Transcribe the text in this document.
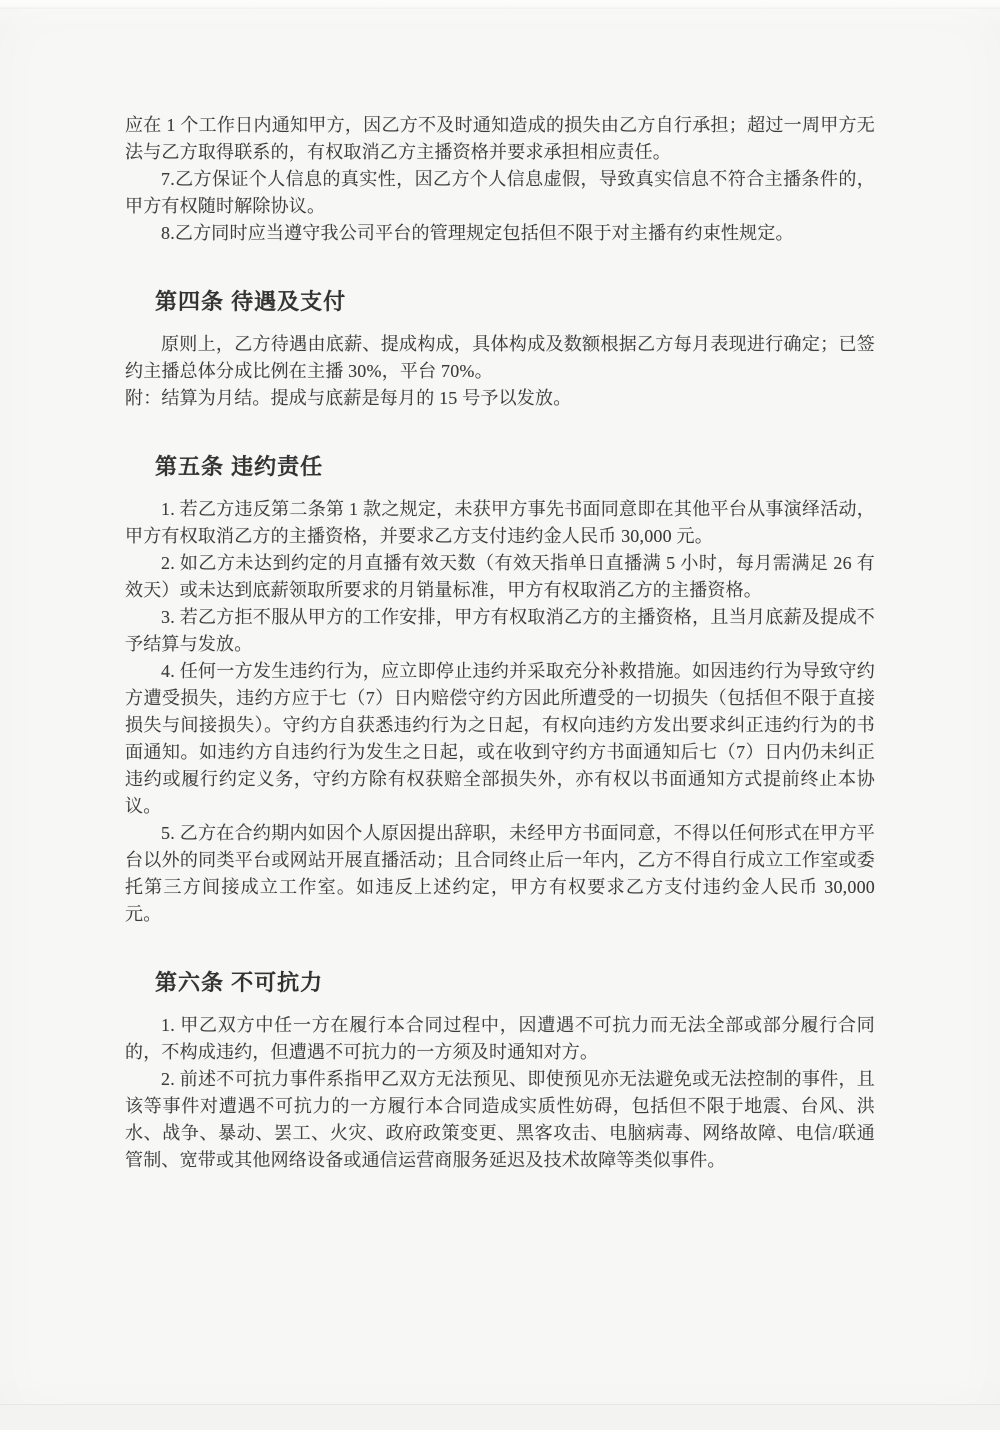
应在 1 个工作日内通知甲方，因乙方不及时通知造成的损失由乙方自行承担；超过一周甲方无法与乙方取得联系的，有权取消乙方主播资格并要求承担相应责任。

7.乙方保证个人信息的真实性，因乙方个人信息虚假，导致真实信息不符合主播条件的，甲方有权随时解除协议。

8.乙方同时应当遵守我公司平台的管理规定包括但不限于对主播有约束性规定。

第四条 待遇及支付

原则上，乙方待遇由底薪、提成构成，具体构成及数额根据乙方每月表现进行确定；已签约主播总体分成比例在主播 30%，平台 70%。

附：结算为月结。提成与底薪是每月的 15 号予以发放。

第五条 违约责任

1. 若乙方违反第二条第 1 款之规定，未获甲方事先书面同意即在其他平台从事演绎活动，甲方有权取消乙方的主播资格，并要求乙方支付违约金人民币 30,000 元。

2. 如乙方未达到约定的月直播有效天数（有效天指单日直播满 5 小时，每月需满足 26 有效天）或未达到底薪领取所要求的月销量标准，甲方有权取消乙方的主播资格。

3. 若乙方拒不服从甲方的工作安排，甲方有权取消乙方的主播资格，且当月底薪及提成不予结算与发放。

4. 任何一方发生违约行为，应立即停止违约并采取充分补救措施。如因违约行为导致守约方遭受损失，违约方应于七（7）日内赔偿守约方因此所遭受的一切损失（包括但不限于直接损失与间接损失）。守约方自获悉违约行为之日起，有权向违约方发出要求纠正违约行为的书面通知。如违约方自违约行为发生之日起，或在收到守约方书面通知后七（7）日内仍未纠正违约或履行约定义务，守约方除有权获赔全部损失外，亦有权以书面通知方式提前终止本协议。

5. 乙方在合约期内如因个人原因提出辞职，未经甲方书面同意，不得以任何形式在甲方平台以外的同类平台或网站开展直播活动；且合同终止后一年内，乙方不得自行成立工作室或委托第三方间接成立工作室。如违反上述约定，甲方有权要求乙方支付违约金人民币 30,000 元。

第六条 不可抗力

1. 甲乙双方中任一方在履行本合同过程中，因遭遇不可抗力而无法全部或部分履行合同的，不构成违约，但遭遇不可抗力的一方须及时通知对方。

2. 前述不可抗力事件系指甲乙双方无法预见、即使预见亦无法避免或无法控制的事件，且该等事件对遭遇不可抗力的一方履行本合同造成实质性妨碍，包括但不限于地震、台风、洪水、战争、暴动、罢工、火灾、政府政策变更、黑客攻击、电脑病毒、网络故障、电信/联通管制、宽带或其他网络设备或通信运营商服务延迟及技术故障等类似事件。
